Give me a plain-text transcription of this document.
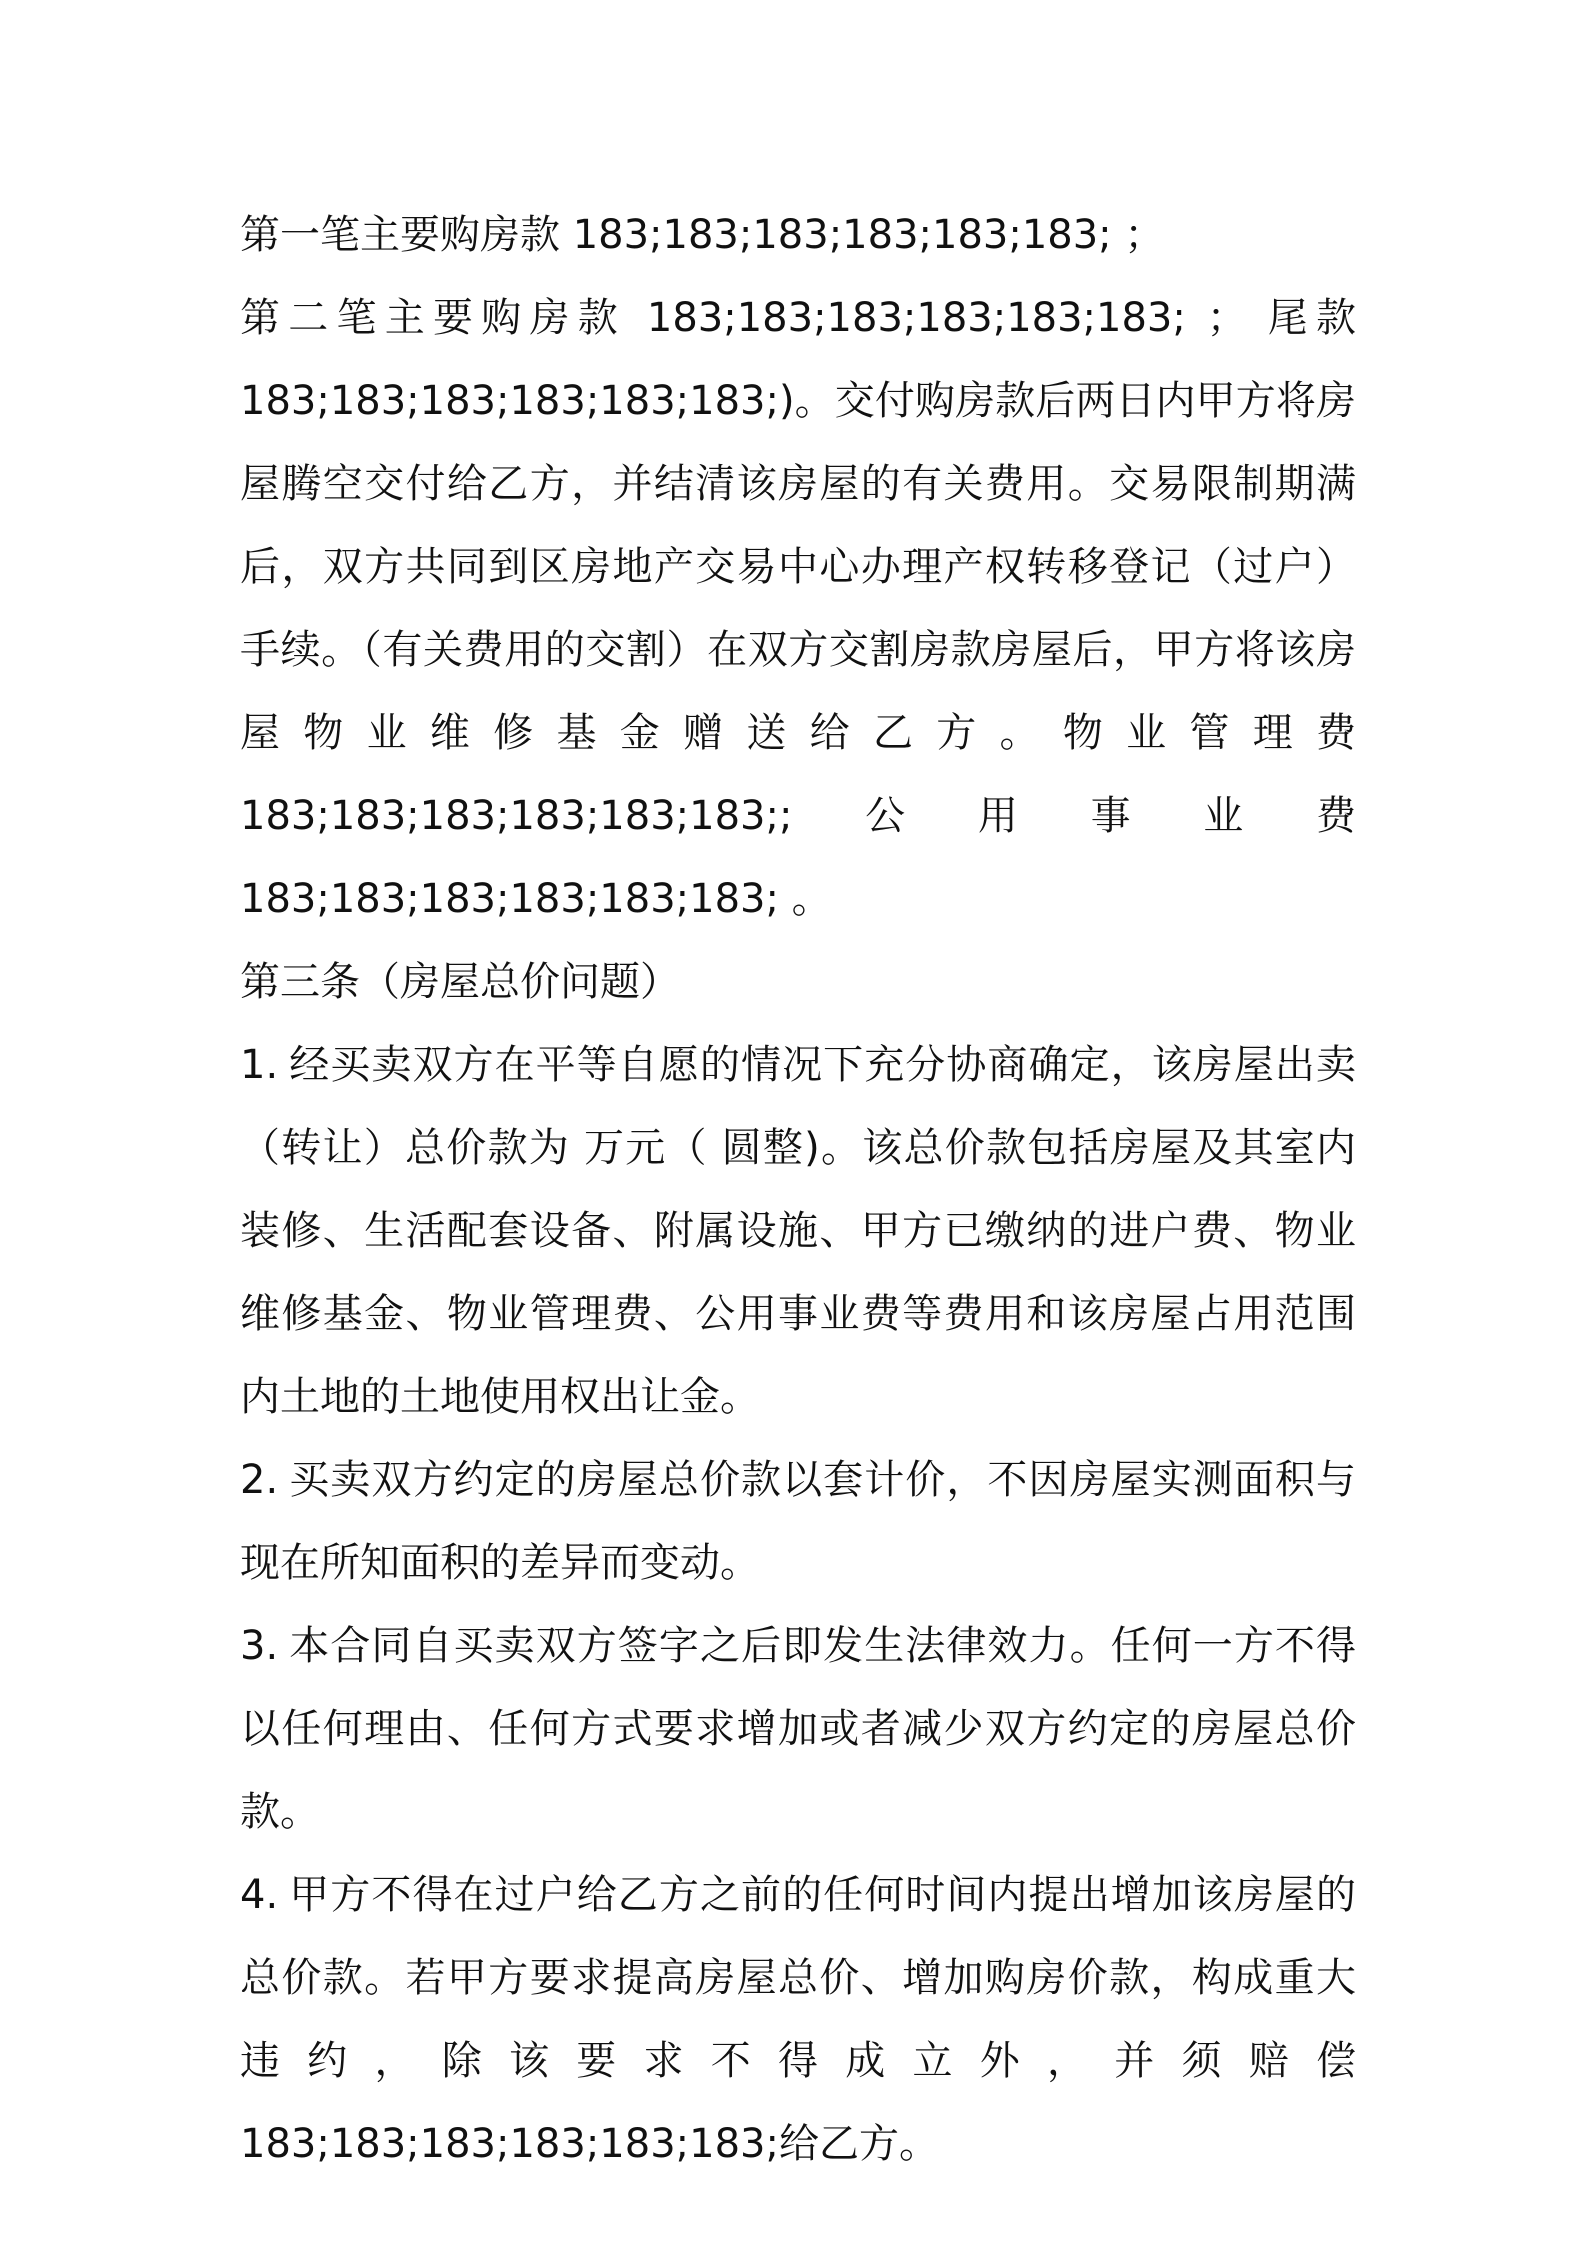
第一笔主要购房款 183;183;183;183;183;183; ；

第二笔主要购房款 183;183;183;183;183;183; ； 尾款 183;183;183;183;183;183;)。交付购房款后两日内甲方将房屋腾空交付给乙方，并结清该房屋的有关费用。交易限制期满后，双方共同到区房地产交易中心办理产权转移登记（过户）手续。（有关费用的交割）在双方交割房款房屋后，甲方将该房屋物业维修基金赠送给乙方。物业管理费 183;183;183;183;183;183;;公用事业费 183;183;183;183;183;183; 。

第三条（房屋总价问题）

1. 经买卖双方在平等自愿的情况下充分协商确定，该房屋出卖（转让）总价款为 万元（ 圆整)。该总价款包括房屋及其室内装修、生活配套设备、附属设施、甲方已缴纳的进户费、物业维修基金、物业管理费、公用事业费等费用和该房屋占用范围内土地的土地使用权出让金。

2. 买卖双方约定的房屋总价款以套计价，不因房屋实测面积与现在所知面积的差异而变动。

3. 本合同自买卖双方签字之后即发生法律效力。任何一方不得以任何理由、任何方式要求增加或者减少双方约定的房屋总价款。

4. 甲方不得在过户给乙方之前的任何时间内提出增加该房屋的总价款。若甲方要求提高房屋总价、增加购房价款，构成重大违约，除该要求不得成立外，并须赔偿 183;183;183;183;183;183;给乙方。
